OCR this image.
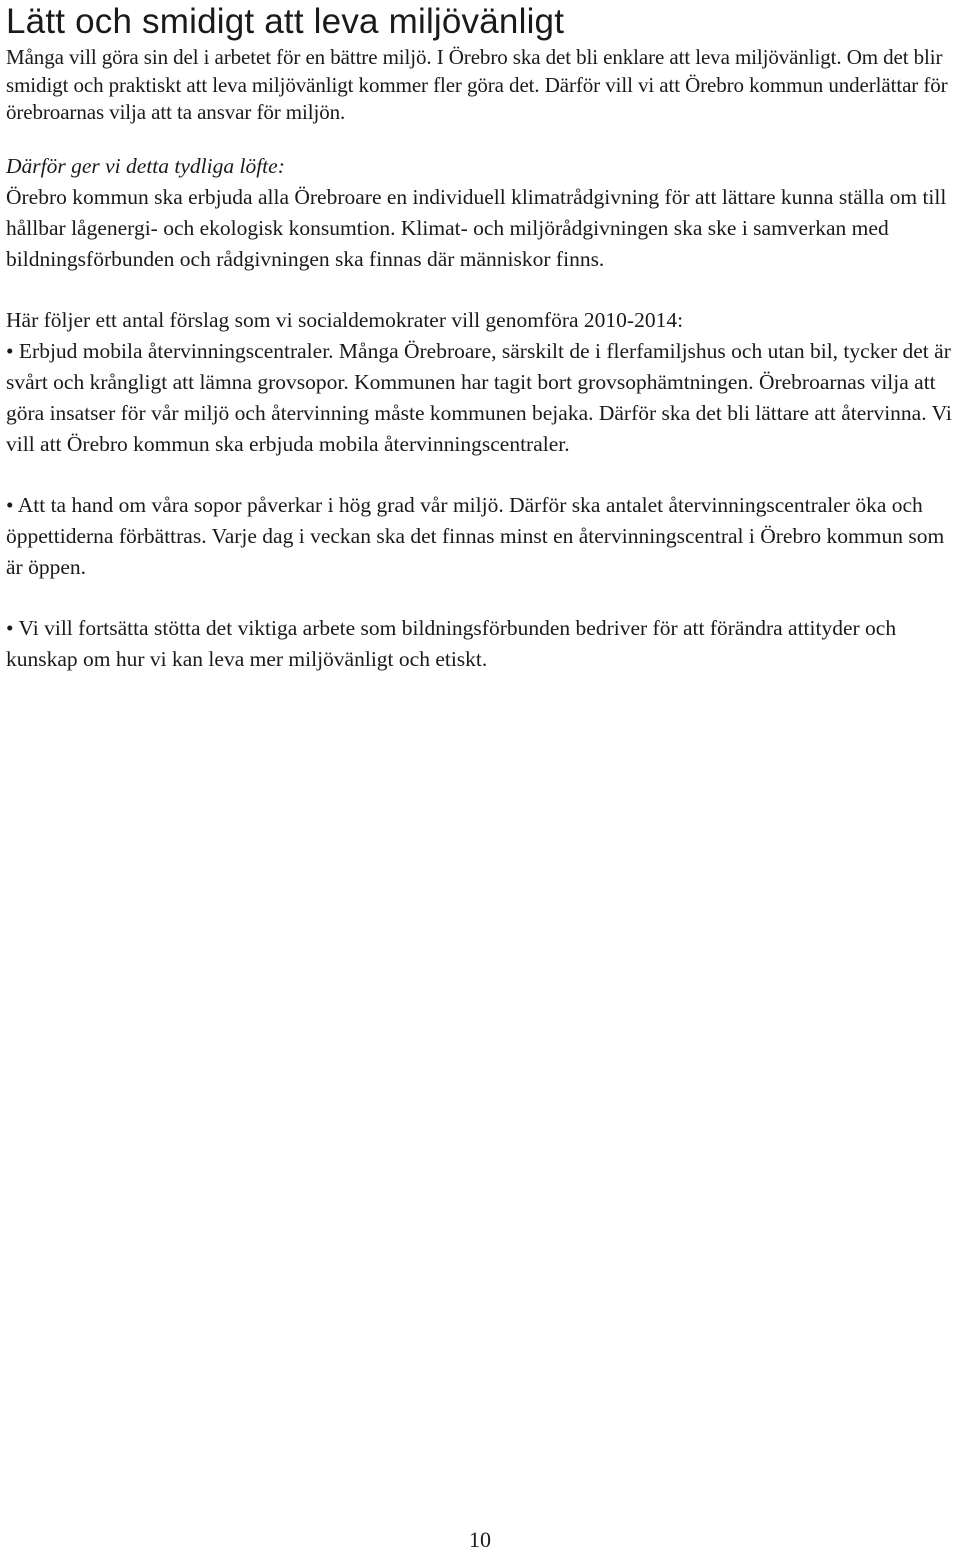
Lätt och smidigt att leva miljövänligt

Många vill göra sin del i arbetet för en bättre miljö. I Örebro ska det bli enklare att leva miljövänligt. Om det blir smidigt och praktiskt att leva miljövänligt kommer fler göra det. Därför vill vi att Örebro kommun underlättar för örebroarnas vilja att ta ansvar för miljön.

Därför ger vi detta tydliga löfte:

Örebro kommun ska erbjuda alla Örebroare en individuell klimatrådgivning för att lättare kunna ställa om till hållbar lågenergi- och ekologisk konsumtion. Klimat- och miljörådgivningen ska ske i samverkan med bildningsförbunden och rådgivningen ska finnas där människor finns.

Här följer ett antal förslag som vi socialdemokrater vill genomföra 2010-2014:

• Erbjud mobila återvinningscentraler. Många Örebroare, särskilt de i flerfamiljshus och utan bil, tycker det är svårt och krångligt att lämna grovsopor. Kommunen har tagit bort grovsophämtningen. Örebroarnas vilja att göra insatser för vår miljö och återvinning måste kommunen bejaka. Därför ska det bli lättare att återvinna. Vi vill att Örebro kommun ska erbjuda mobila återvinningscentraler.

• Att ta hand om våra sopor påverkar i hög grad vår miljö. Därför ska antalet återvinningscentraler öka och öppettiderna förbättras. Varje dag i veckan ska det finnas minst en återvinningscentral i Örebro kommun som är öppen.

• Vi vill fortsätta stötta det viktiga arbete som bildningsförbunden bedriver för att förändra attityder och kunskap om hur vi kan leva mer miljövänligt och etiskt.

10
